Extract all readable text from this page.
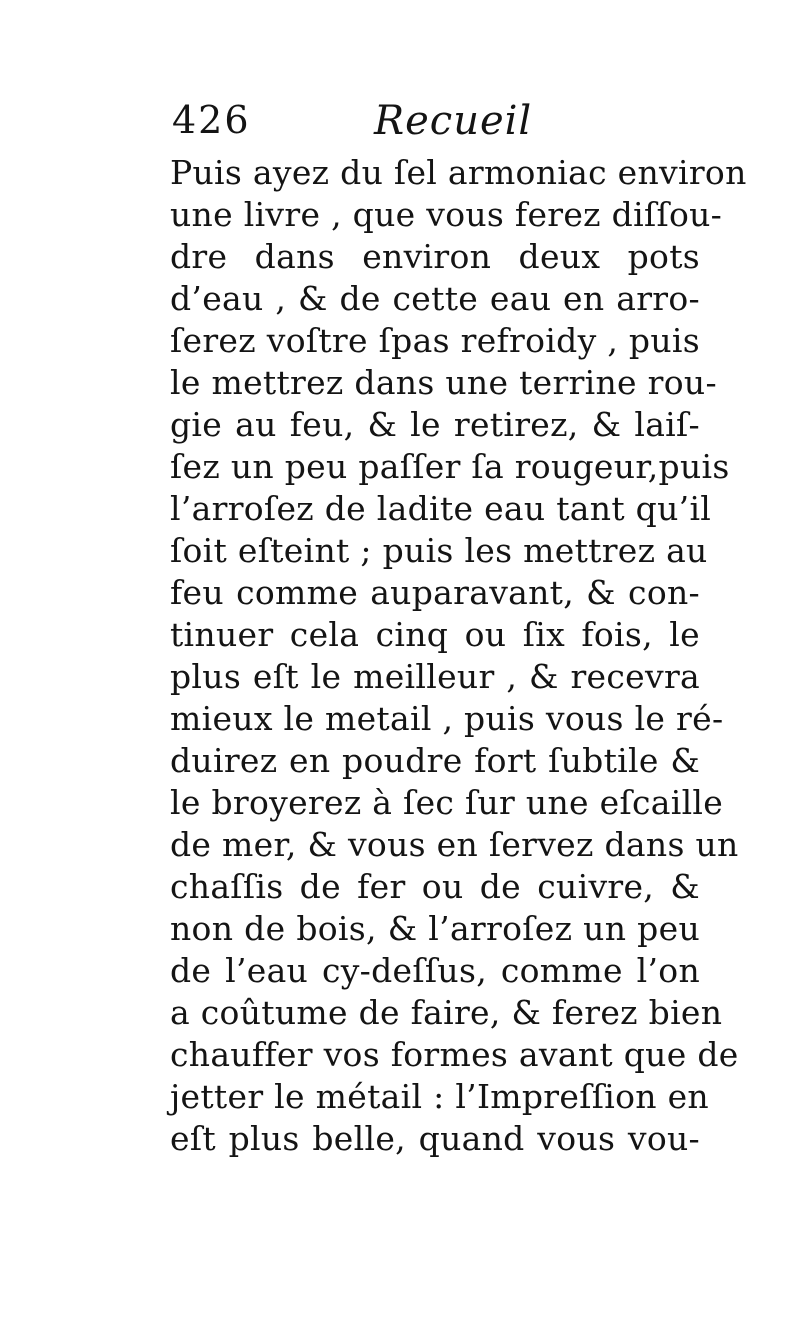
426	Recueil
Puis ayez du ſel armoniac environ
une livre , que vous ferez diſſou-
dre dans environ deux pots
d’eau , & de cette eau en arro-
ſerez voſtre ſpas refroidy , puis
le mettrez dans une terrine rou-
gie au feu, & le retirez, & laiſ-
ſez un peu paſſer ſa rougeur,puis
l’arroſez de ladite eau tant qu’il
ſoit eſteint ; puis les mettrez au
feu comme auparavant, & con-
tinuer cela cinq ou ſix fois, le
plus eſt le meilleur , & recevra
mieux le metail , puis vous le ré-
duirez en poudre fort ſubtile &
le broyerez à ſec ſur une eſcaille
de mer, & vous en ſervez dans un
chaſſis de fer ou de cuivre, &
non de bois, & l’arroſez un peu
de l’eau cy-deſſus, comme l’on
a coûtume de faire, & ferez bien
chauffer vos formes avant que de
jetter le métail : l’Impreſſion en
eſt plus belle, quand vous vou-
